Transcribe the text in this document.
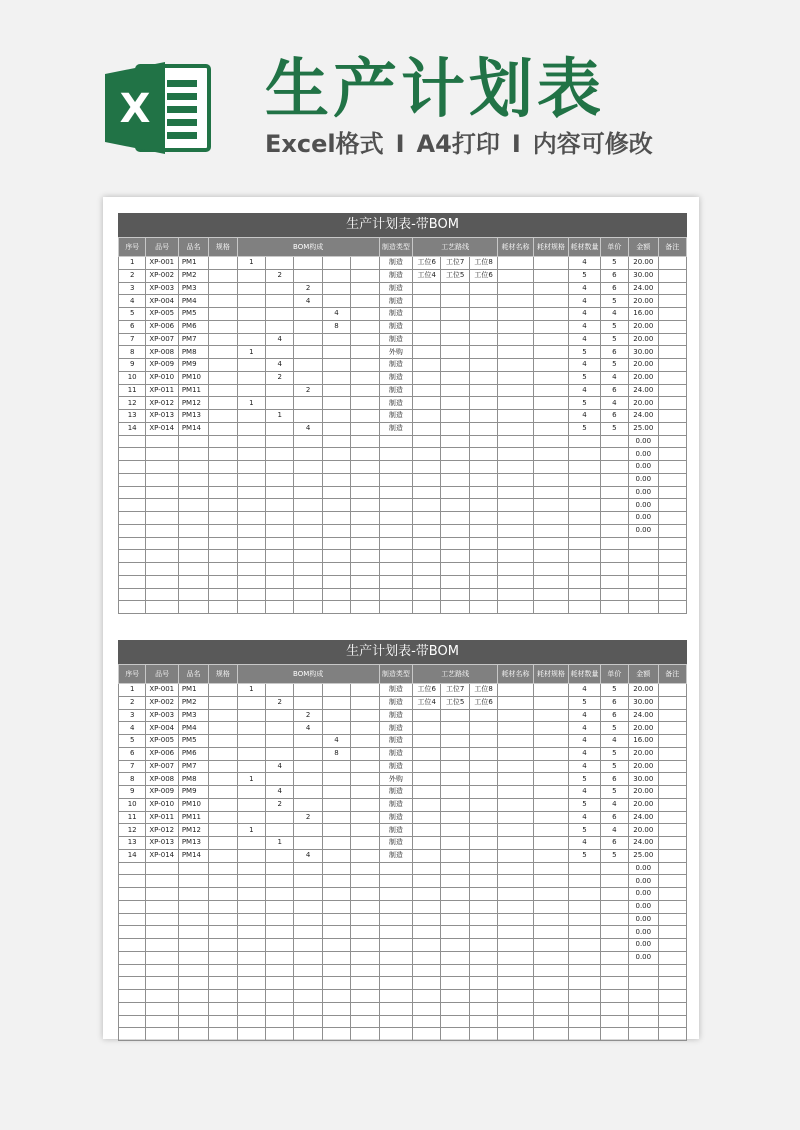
X 生产计划表
Excel格式 I A4打印 I 内容可修改
生产计划表-带BOM
序号	品号	品名	规格	BOM构成					制造类型	工艺路线			耗材名称	耗材规格	耗材数量	单价	金额	备注
1	XP-001	PM1		1					制造	工位6	工位7	工位8			4	5	20.00	
2	XP-002	PM2			2				制造	工位4	工位5	工位6			5	6	30.00	
3	XP-003	PM3				2			制造						4	6	24.00	
4	XP-004	PM4				4			制造						4	5	20.00	
5	XP-005	PM5					4		制造						4	4	16.00	
6	XP-006	PM6					8		制造						4	5	20.00	
7	XP-007	PM7			4				制造						4	5	20.00	
8	XP-008	PM8		1					外购						5	6	30.00	
9	XP-009	PM9			4				制造						4	5	20.00	
10	XP-010	PM10			2				制造						5	4	20.00	
11	XP-011	PM11				2			制造						4	6	24.00	
12	XP-012	PM12		1					制造						5	4	20.00	
13	XP-013	PM13			1				制造						4	6	24.00	
14	XP-014	PM14				4			制造						5	5	25.00	
																	0.00	
																	0.00	
																	0.00	
																	0.00	
																	0.00	
																	0.00	
																	0.00	
																	0.00	

生产计划表-带BOM
序号	品号	品名	规格	BOM构成					制造类型	工艺路线			耗材名称	耗材规格	耗材数量	单价	金额	备注
1	XP-001	PM1		1					制造	工位6	工位7	工位8			4	5	20.00	
2	XP-002	PM2			2				制造	工位4	工位5	工位6			5	6	30.00	
3	XP-003	PM3				2			制造						4	6	24.00	
4	XP-004	PM4				4			制造						4	5	20.00	
5	XP-005	PM5					4		制造						4	4	16.00	
6	XP-006	PM6					8		制造						4	5	20.00	
7	XP-007	PM7			4				制造						4	5	20.00	
8	XP-008	PM8		1					外购						5	6	30.00	
9	XP-009	PM9			4				制造						4	5	20.00	
10	XP-010	PM10			2				制造						5	4	20.00	
11	XP-011	PM11				2			制造						4	6	24.00	
12	XP-012	PM12		1					制造						5	4	20.00	
13	XP-013	PM13			1				制造						4	6	24.00	
14	XP-014	PM14				4			制造						5	5	25.00	
																	0.00	
																	0.00	
																	0.00	
																	0.00	
																	0.00	
																	0.00	
																	0.00	
																	0.00	
